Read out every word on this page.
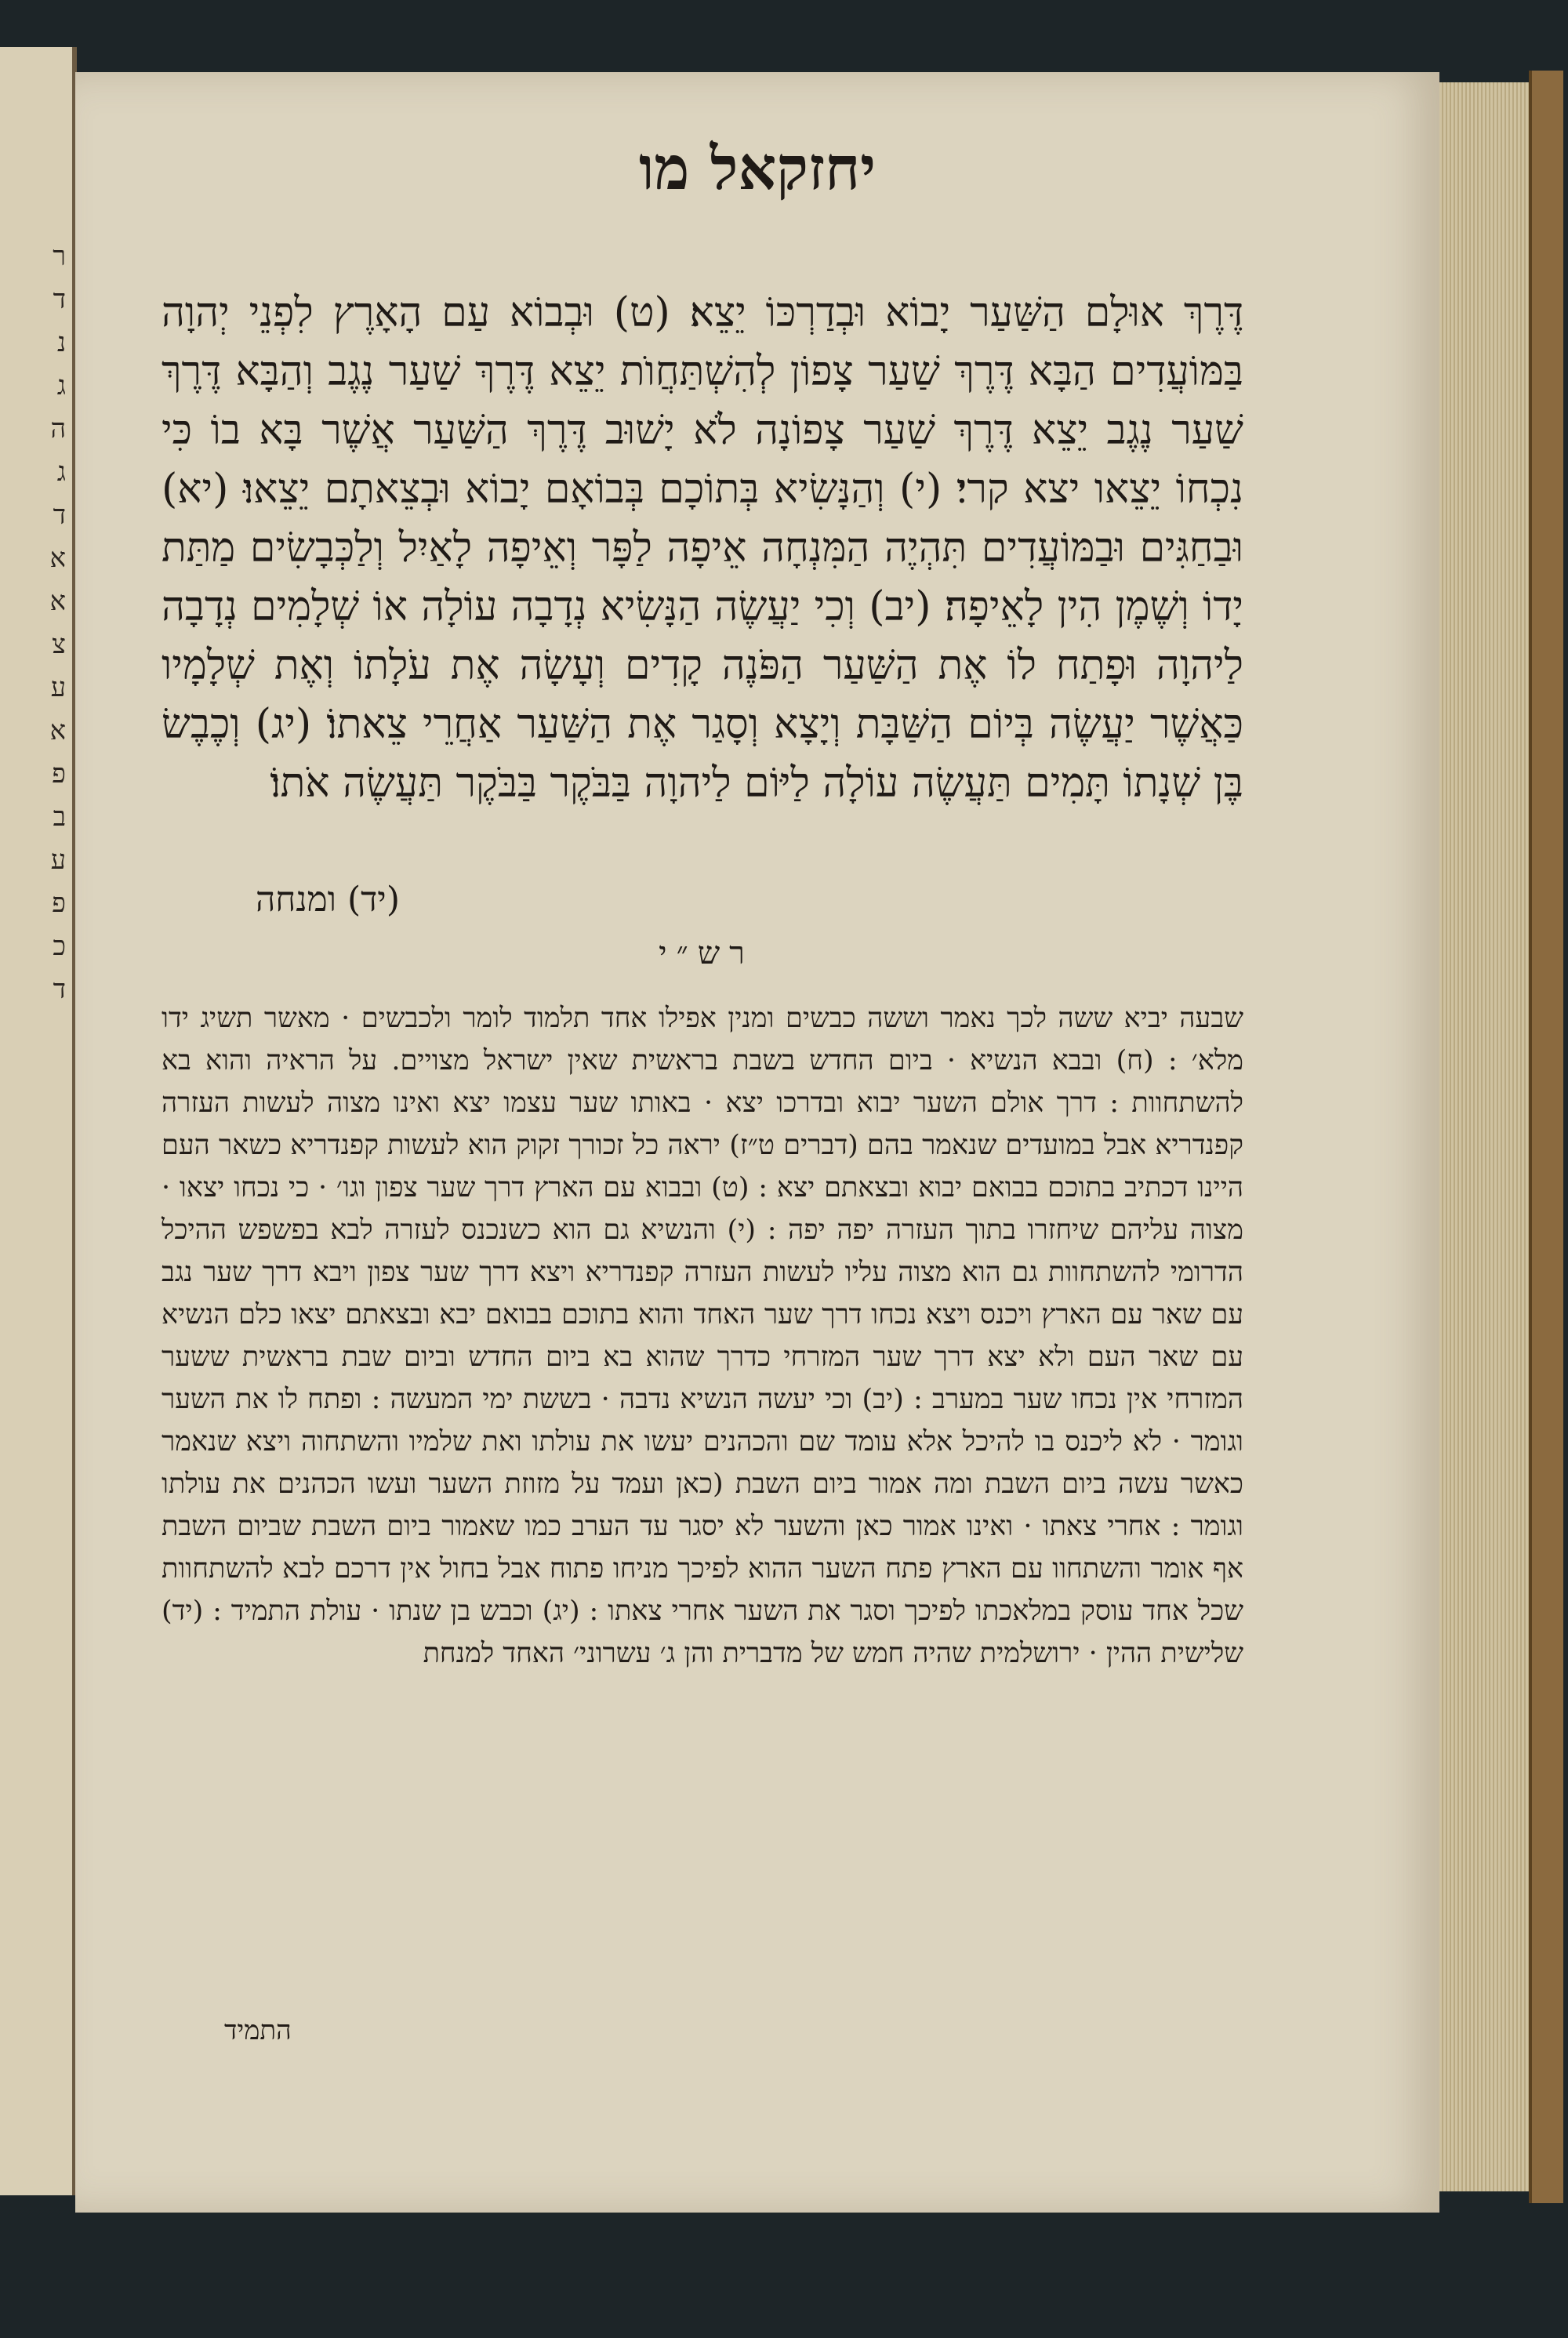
ר
ד
נ
ג
ה
ג
ד
א
א
צ
ע
א
פ
ב
ע
פ
כ
ד
יחזקאל מו
דֶּרֶךְ אוּלָם הַשַּׁעַר יָבוֹא וּבְדַרְכּוֹ יֵצֵא׃ (ט) וּבְבוֹא עַם הָאָרֶץ לִפְנֵי יְהוָה בַּמּוֹעֲדִים הַבָּא דֶּרֶךְ שַׁעַר צָפוֹן לְהִשְׁתַּחֲוֺת יֵצֵא דֶּרֶךְ שַׁעַר נֶגֶב וְהַבָּא דֶּרֶךְ שַׁעַר נֶגֶב יֵצֵא דֶּרֶךְ שַׁעַר צָפוֹנָה לֹא יָשׁוּב דֶּרֶךְ הַשַּׁעַר אֲשֶׁר בָּא בוֹ כִּי נִכְחוֹ יֵצֵאו יצא קרי׃ (י) וְהַנָּשִׂיא בְּתוֹכָם בְּבוֹאָם יָבוֹא וּבְצֵאתָם יֵצֵאוּ׃ (יא) וּבַחַגִּים וּבַמּוֹעֲדִים תִּהְיֶה הַמִּנְחָה אֵיפָה לַפָּר וְאֵיפָה לָאַיִל וְלַכְּבָשִׂים מַתַּת יָדוֹ וְשֶׁמֶן הִין לָאֵיפָה׃ (יב) וְכִי יַעֲשֶׂה הַנָּשִׂיא נְדָבָה עוֹלָה אוֹ שְׁלָמִים נְדָבָה לַיהוָה וּפָתַח לוֹ אֶת הַשַּׁעַר הַפֹּנֶה קָדִים וְעָשָׂה אֶת עֹלָתוֹ וְאֶת שְׁלָמָיו כַּאֲשֶׁר יַעֲשֶׂה בְּיוֹם הַשַּׁבָּת וְיָצָא וְסָגַר אֶת הַשַּׁעַר אַחֲרֵי צֵאתוֹ׃ (יג) וְכֶבֶשׂ בֶּן שְׁנָתוֹ תָּמִים תַּעֲשֶׂה עוֹלָה לַיּוֹם לַיהוָה בַּבֹּקֶר בַּבֹּקֶר תַּעֲשֶׂה אֹתוֹ׃
(יד) ומנחה
רש״י
שבעה יביא ששה לכך נאמר וששה כבשים ומנין אפילו אחד תלמוד לומר ולכבשים · מאשר תשיג ידו מלא׳ : (ח) ובבא הנשיא · ביום החדש בשבת בראשית שאין ישראל מצויים. על הראיה והוא בא להשתחוות : דרך אולם השער יבוא ובדרכו יצא · באותו שער עצמו יצא ואינו מצוה לעשות העזרה קפנדריא אבל במועדים שנאמר בהם (דברים ט״ז) יראה כל זכורך זקוק הוא לעשות קפנדריא כשאר העם היינו דכתיב בתוכם בבואם יבוא ובצאתם יצא : (ט) ובבוא עם הארץ דרך שער צפון וגו׳ · כי נכחו יצאו · מצוה עליהם שיחזרו בתוך העזרה יפה יפה : (י) והנשיא גם הוא כשנכנס לעזרה לבא בפשפש ההיכל הדרומי להשתחוות גם הוא מצוה עליו לעשות העזרה קפנדריא ויצא דרך שער צפון ויבא דרך שער נגב עם שאר עם הארץ ויכנס ויצא נכחו דרך שער האחד והוא בתוכם בבואם יבא ובצאתם יצאו כלם הנשיא עם שאר העם ולא יצא דרך שער המזרחי כדרך שהוא בא ביום החדש וביום שבת בראשית ששער המזרחי אין נכחו שער במערב : (יב) וכי יעשה הנשיא נדבה · בששת ימי המעשה : ופתח לו את השער וגומר · לא ליכנס בו להיכל אלא עומד שם והכהנים יעשו את עולתו ואת שלמיו והשתחוה ויצא שנאמר כאשר עשה ביום השבת ומה אמור ביום השבת (כאן ועמד על מזוזת השער ועשו הכהנים את עולתו וגומר : אחרי צאתו · ואינו אמור כאן והשער לא יסגר עד הערב כמו שאמור ביום השבת שביום השבת אף אומר והשתחוו עם הארץ פתח השער ההוא לפיכך מניחו פתוח אבל בחול אין דרכם לבא להשתחוות שכל אחד עוסק במלאכתו לפיכך וסגר את השער אחרי צאתו : (יג) וכבש בן שנתו · עולת התמיד : (יד) שלישית ההין · ירושלמית שהיה חמש של מדברית והן ג׳ עשרוני׳ האחד למנחת
התמיד
